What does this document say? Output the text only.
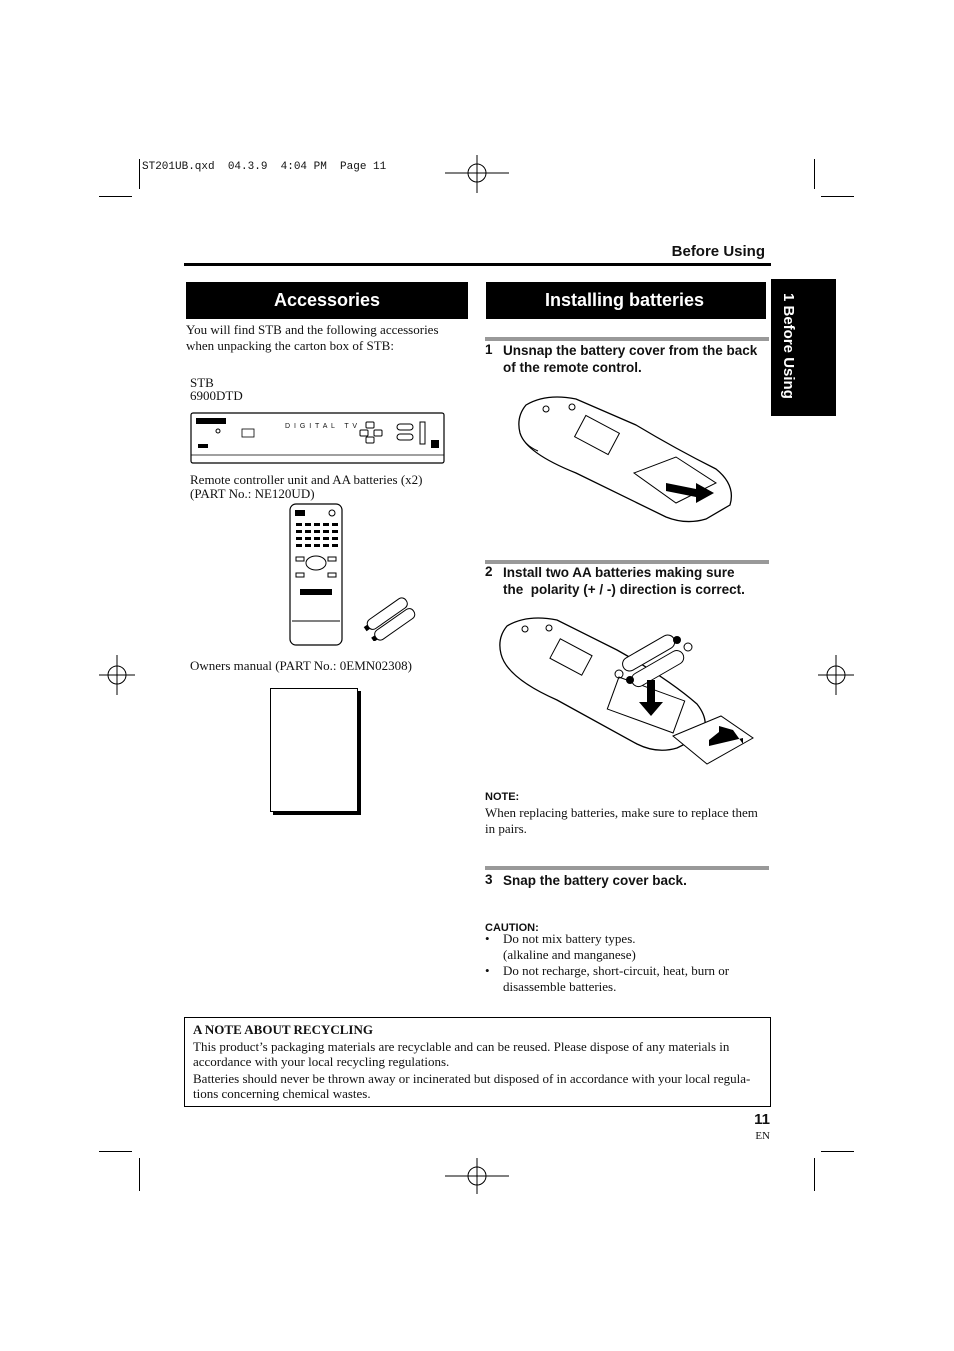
ST201UB.qxd  04.3.9  4:04 PM  Page 11
Before Using
1 Before Using
Accessories
You will find STB and the following accessories when unpacking the carton box of STB:
STB
6900DTD
D I G I T A L   T V
Remote controller unit and AA batteries (x2)
(PART No.: NE120UD)
Owners manual (PART No.: 0EMN02308)
Installing batteries
1 Unsnap the battery cover from the back
of the remote control.
2 Install two AA batteries making sure
the  polarity (+ / -) direction is correct.
NOTE:
When replacing batteries, make sure to replace them
in pairs.
3 Snap the battery cover back.
CAUTION:
•	Do not mix battery types.
(alkaline and manganese)
•	Do not recharge, short-circuit, heat, burn or
disassemble batteries.
A NOTE ABOUT RECYCLING
This product’s packaging materials are recyclable and can be reused. Please dispose of any materials in
accordance with your local recycling regulations.
Batteries should never be thrown away or incinerated but disposed of in accordance with your local regula-
tions concerning chemical wastes.
11
EN
